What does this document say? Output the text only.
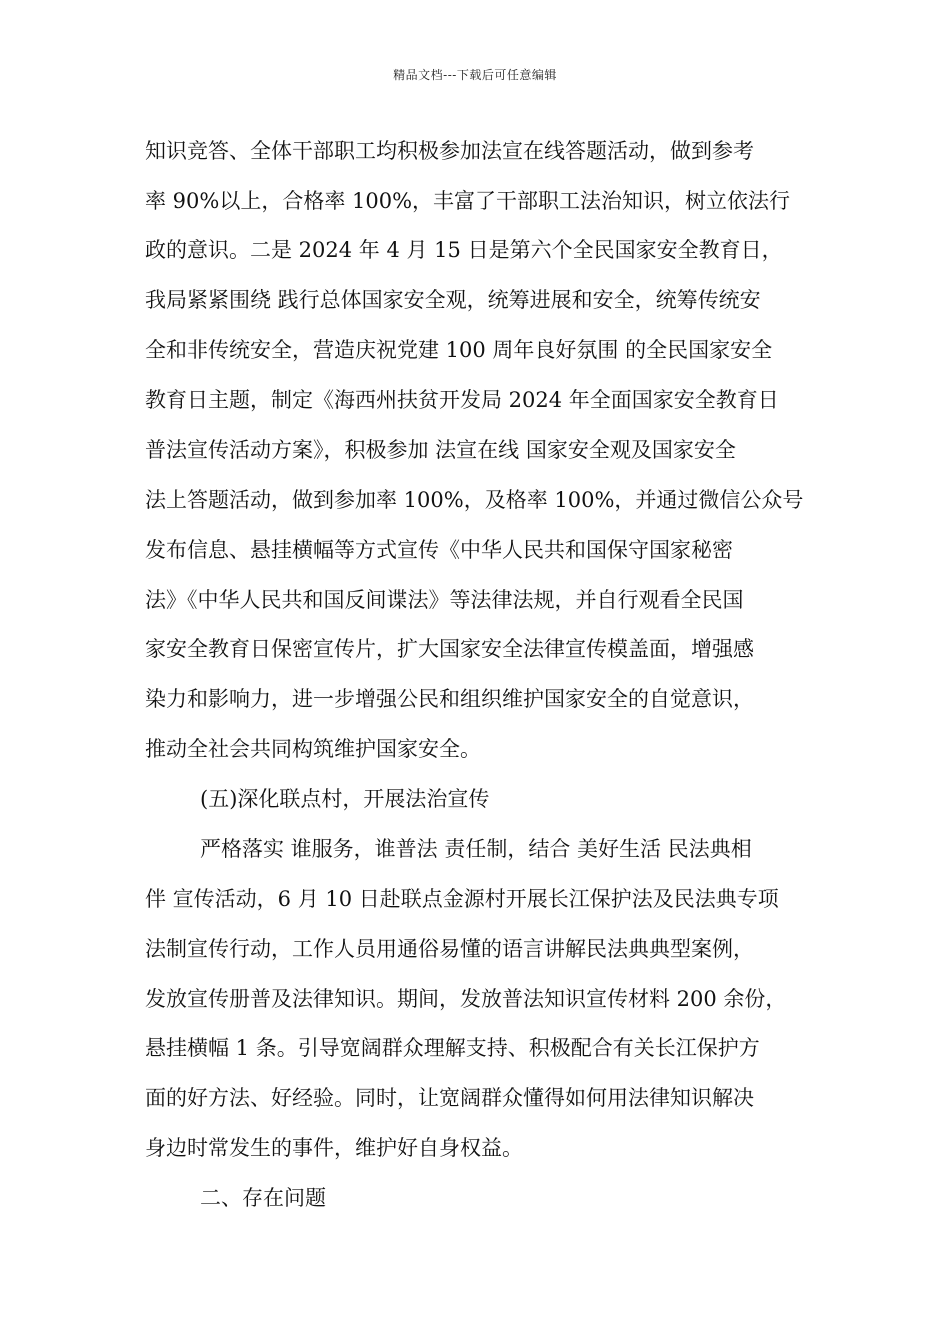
精品文档---下载后可任意编辑
知识竞答、全体干部职工均积极参加法宣在线答题活动，做到参考
率 90%以上，合格率 100%，丰富了干部职工法治知识，树立依法行
政的意识。二是 2024 年 4 月 15 日是第六个全民国家安全教育日，
我局紧紧围绕 践行总体国家安全观，统筹进展和安全，统筹传统安
全和非传统安全，营造庆祝党建 100 周年良好氛围 的全民国家安全
教育日主题，制定《海西州扶贫开发局 2024 年全面国家安全教育日
普法宣传活动方案》，积极参加 法宣在线 国家安全观及国家安全
法上答题活动，做到参加率 100%，及格率 100%，并通过微信公众号
发布信息、悬挂横幅等方式宣传《中华人民共和国保守国家秘密
法》《中华人民共和国反间谍法》等法律法规，并自行观看全民国
家安全教育日保密宣传片，扩大国家安全法律宣传模盖面，增强感
染力和影响力，进一步增强公民和组织维护国家安全的自觉意识，
推动全社会共同构筑维护国家安全。
(五)深化联点村，开展法治宣传
严格落实 谁服务，谁普法 责任制，结合 美好生活 民法典相
伴 宣传活动，6 月 10 日赴联点金源村开展长江保护法及民法典专项
法制宣传行动，工作人员用通俗易懂的语言讲解民法典典型案例，
发放宣传册普及法律知识。期间，发放普法知识宣传材料 200 余份，
悬挂横幅 1 条。引导宽阔群众理解支持、积极配合有关长江保护方
面的好方法、好经验。同时，让宽阔群众懂得如何用法律知识解决
身边时常发生的事件，维护好自身权益。
二、存在问题
